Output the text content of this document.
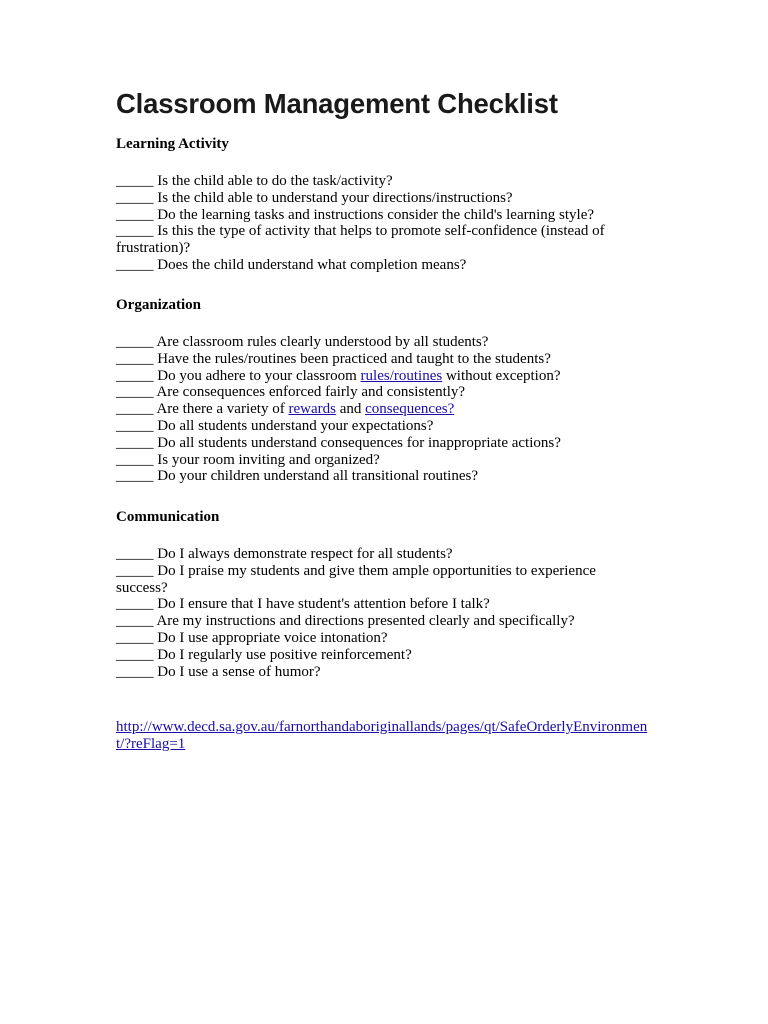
Classroom Management Checklist
Learning Activity
_____ Is the child able to do the task/activity?
_____ Is the child able to understand your directions/instructions?
_____ Do the learning tasks and instructions consider the child's learning style?
_____ Is this the type of activity that helps to promote self-confidence (instead of frustration)?
_____ Does the child understand what completion means?
Organization
_____ Are classroom rules clearly understood by all students?
_____ Have the rules/routines been practiced and taught to the students?
_____ Do you adhere to your classroom rules/routines without exception?
_____ Are consequences enforced fairly and consistently?
_____ Are there a variety of rewards and consequences?
_____ Do all students understand your expectations?
_____ Do all students understand consequences for inappropriate actions?
_____ Is your room inviting and organized?
_____ Do your children understand all transitional routines?
Communication
_____ Do I always demonstrate respect for all students?
_____ Do I praise my students and give them ample opportunities to experience success?
_____ Do I ensure that I have student's attention before I talk?
_____ Are my instructions and directions presented clearly and specifically?
_____ Do I use appropriate voice intonation?
_____ Do I regularly use positive reinforcement?
_____ Do I use a sense of humor?
http://www.decd.sa.gov.au/farnorthandaboriginallands/pages/qt/SafeOrderlyEnvironment/?reFlag=1
